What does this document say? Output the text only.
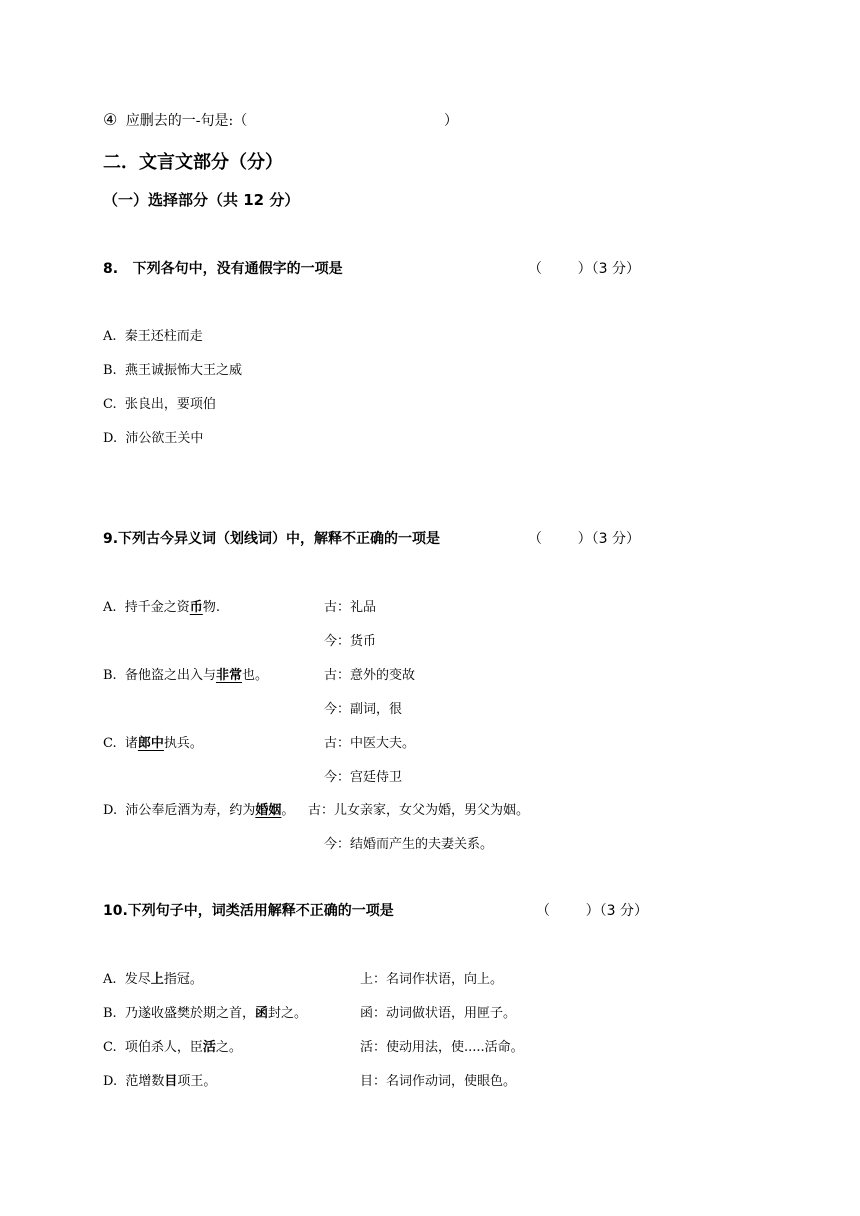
④ 应删去的一-句是:（	）
二．文言文部分（分）
（一）选择部分（共 12 分）
8.   下列各句中，没有通假字的一项是	（        ）（3 分）
A.  秦王还柱而走
B.  燕王诚振怖大王之威
C.  张良出，要项伯
D.  沛公欲王关中
9.下列古今异义词（划线词）中，解释不正确的一项是	（        ）（3 分）
A.  持千金之资币物.	古：礼品
今：货币
B.  备他盗之出入与非常也。	古：意外的变故
今：副词，很
C.  诸郎中执兵。	古：中医大夫。
今：宫廷侍卫
D.  沛公奉卮酒为寿，约为婚姻。 古：儿女亲家，女父为婚，男父为姻。
今：结婚而产生的夫妻关系。
10.下列句子中，词类活用解释不正确的一项是	（        ）（3 分）
A.  发尽上指冠。	上：名词作状语，向上。
B.  乃遂收盛樊於期之首，函封之。	函：动词做状语，用匣子。
C.  项伯杀人，臣活之。	活：使动用法，使.....活命。
D.  范增数目项王。	目：名词作动词，使眼色。
